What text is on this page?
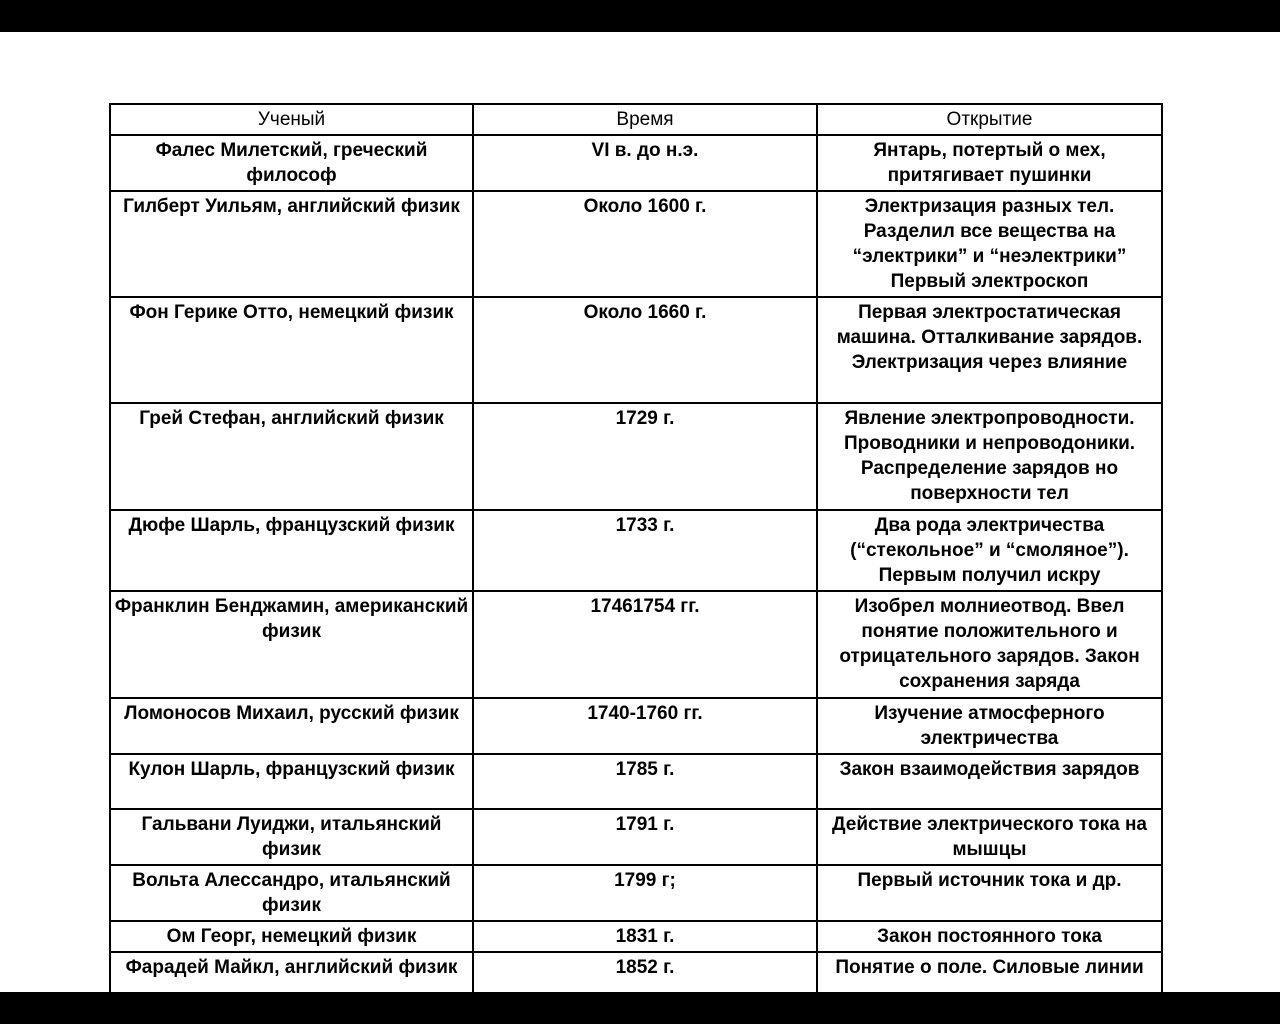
Ученый	Время	Открытие
Фалес Милетский, греческий философ	VI в. до н.э.	Янтарь, потертый о мех, притягивает пушинки
Гилберт Уильям, английский физик	Около 1600 г.	Электризация разных тел. Разделил все вещества на “электрики” и “неэлектрики” Первый электроскоп
Фон Герике Отто, немецкий физик	Около 1660 г.	Первая электростатическая машина. Отталкивание зарядов. Электризация через влияние
Грей Стефан, английский физик	1729 г.	Явление электропроводности. Проводники и непроводоники. Распределение зарядов но поверхности тел
Дюфе Шарль, французский физик	1733 г.	Два рода электричества (“стекольное” и “смоляное”). Первым получил искру
Франклин Бенджамин, американский физик	17461754 гг.	Изобрел молниеотвод. Ввел понятие положительного и отрицательного зарядов. Закон сохранения заряда
Ломоносов Михаил, русский физик	1740-1760 гг.	Изучение атмосферного электричества
Кулон Шарль, французский физик	1785 г.	Закон взаимодействия зарядов
Гальвани Луиджи, итальянский физик	1791 г.	Действие электрического тока на мышцы
Вольта Алессандро, итальянский физик	1799 г;	Первый источник тока и др.
Ом Георг, немецкий физик	1831 г.	Закон постоянного тока
Фарадей Майкл, английский физик	1852 г.	Понятие о поле. Силовые линии
